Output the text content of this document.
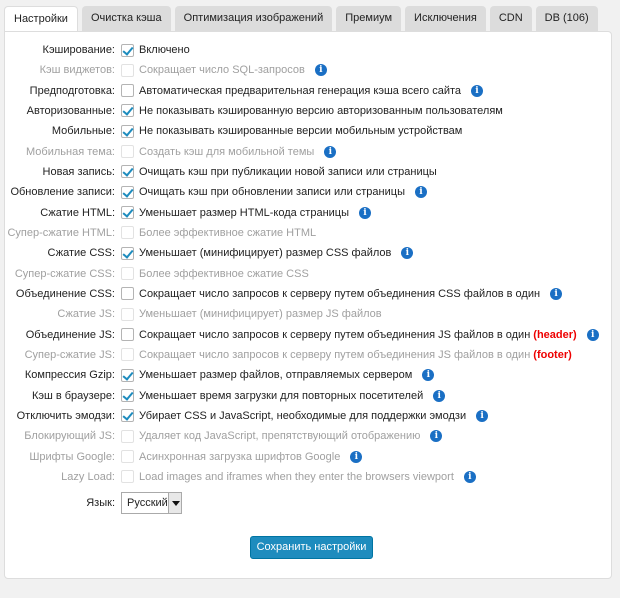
Настройки	Очистка кэша	Оптимизация изображений	Премиум	Исключения	CDN	DB (106)
Язык:	Русский
Сохранить настройки
Кэширование:	Включено
Кэш виджетов:	Сокращает число SQL-запросов	i
Предподготовка:	Автоматическая предварительная генерация кэша всего сайта	i
Авторизованные:	Не показывать кэшированную версию авторизованным пользователям
Мобильные:	Не показывать кэшированные версии мобильным устройствам
Мобильная тема:	Создать кэш для мобильной темы	i
Новая запись:	Очищать кэш при публикации новой записи или страницы
Обновление записи:	Очищать кэш при обновлении записи или страницы	i
Сжатие HTML:	Уменьшает размер HTML-кода страницы	i
Супер-сжатие HTML:	Более эффективное сжатие HTML
Сжатие CSS:	Уменьшает (минифицирует) размер CSS файлов	i
Супер-сжатие CSS:	Более эффективное сжатие CSS
Объединение CSS:	Сокращает число запросов к серверу путем объединения CSS файлов в один	i
Сжатие JS:	Уменьшает (минифицирует) размер JS файлов
Объединение JS:	Сокращает число запросов к серверу путем объединения JS файлов в один (header)	i
Супер-сжатие JS:	Сокращает число запросов к серверу путем объединения JS файлов в один (footer)
Компрессия Gzip:	Уменьшает размер файлов, отправляемых сервером	i
Кэш в браузере:	Уменьшает время загрузки для повторных посетителей	i
Отключить эмодзи:	Убирает CSS и JavaScript, необходимые для поддержки эмодзи	i
Блокирующий JS:	Удаляет код JavaScript, препятствующий отображению	i
Шрифты Google:	Асинхронная загрузка шрифтов Google	i
Lazy Load:	Load images and iframes when they enter the browsers viewport	i
